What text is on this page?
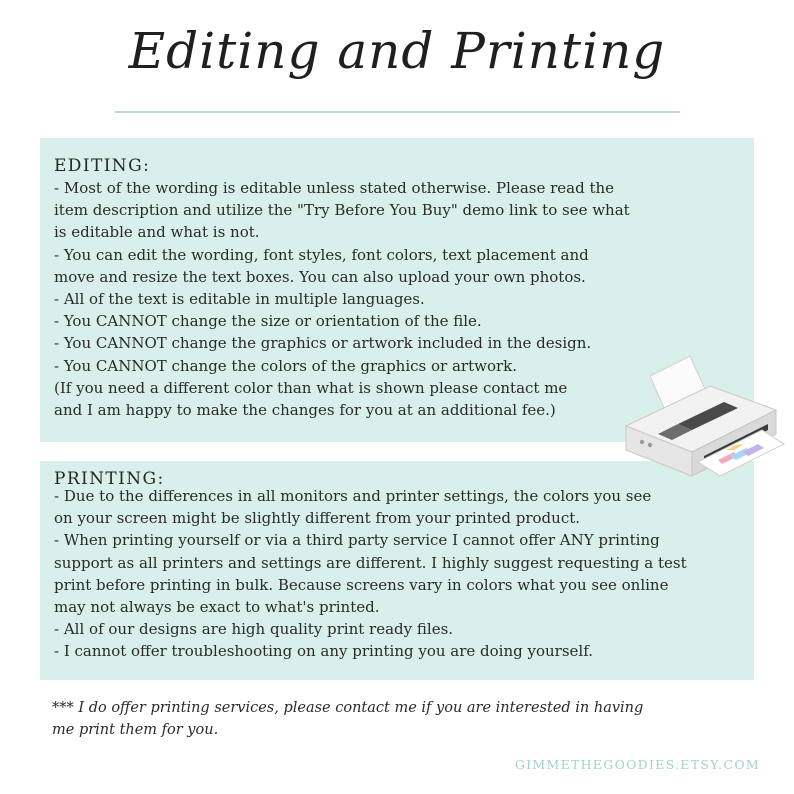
Editing and Printing
EDITING:
- Most of the wording is editable unless stated otherwise. Please read the
item description and utilize the "Try Before You Buy" demo link to see what
is editable and what is not.
- You can edit the wording, font styles, font colors, text placement and
move and resize the text boxes. You can also upload your own photos.
- All of the text is editable in multiple languages.
- You CANNOT change the size or orientation of the file.
- You CANNOT change the graphics or artwork included in the design.
- You CANNOT change the colors of the graphics or artwork.
(If you need a different color than what is shown please contact me
and I am happy to make the changes for you at an additional fee.)
PRINTING:
- Due to the differences in all monitors and printer settings, the colors you see
on your screen might be slightly different from your printed product.
- When printing yourself or via a third party service I cannot offer ANY printing
support as all printers and settings are different. I highly suggest requesting a test
print before printing in bulk. Because screens vary in colors what you see online
may not always be exact to what's printed.
- All of our designs are high quality print ready files.
- I cannot offer troubleshooting on any printing you are doing yourself.
*** I do offer printing services, please contact me if you are interested in having
me print them for you.
GIMMETHEGOODIES.ETSY.COM
